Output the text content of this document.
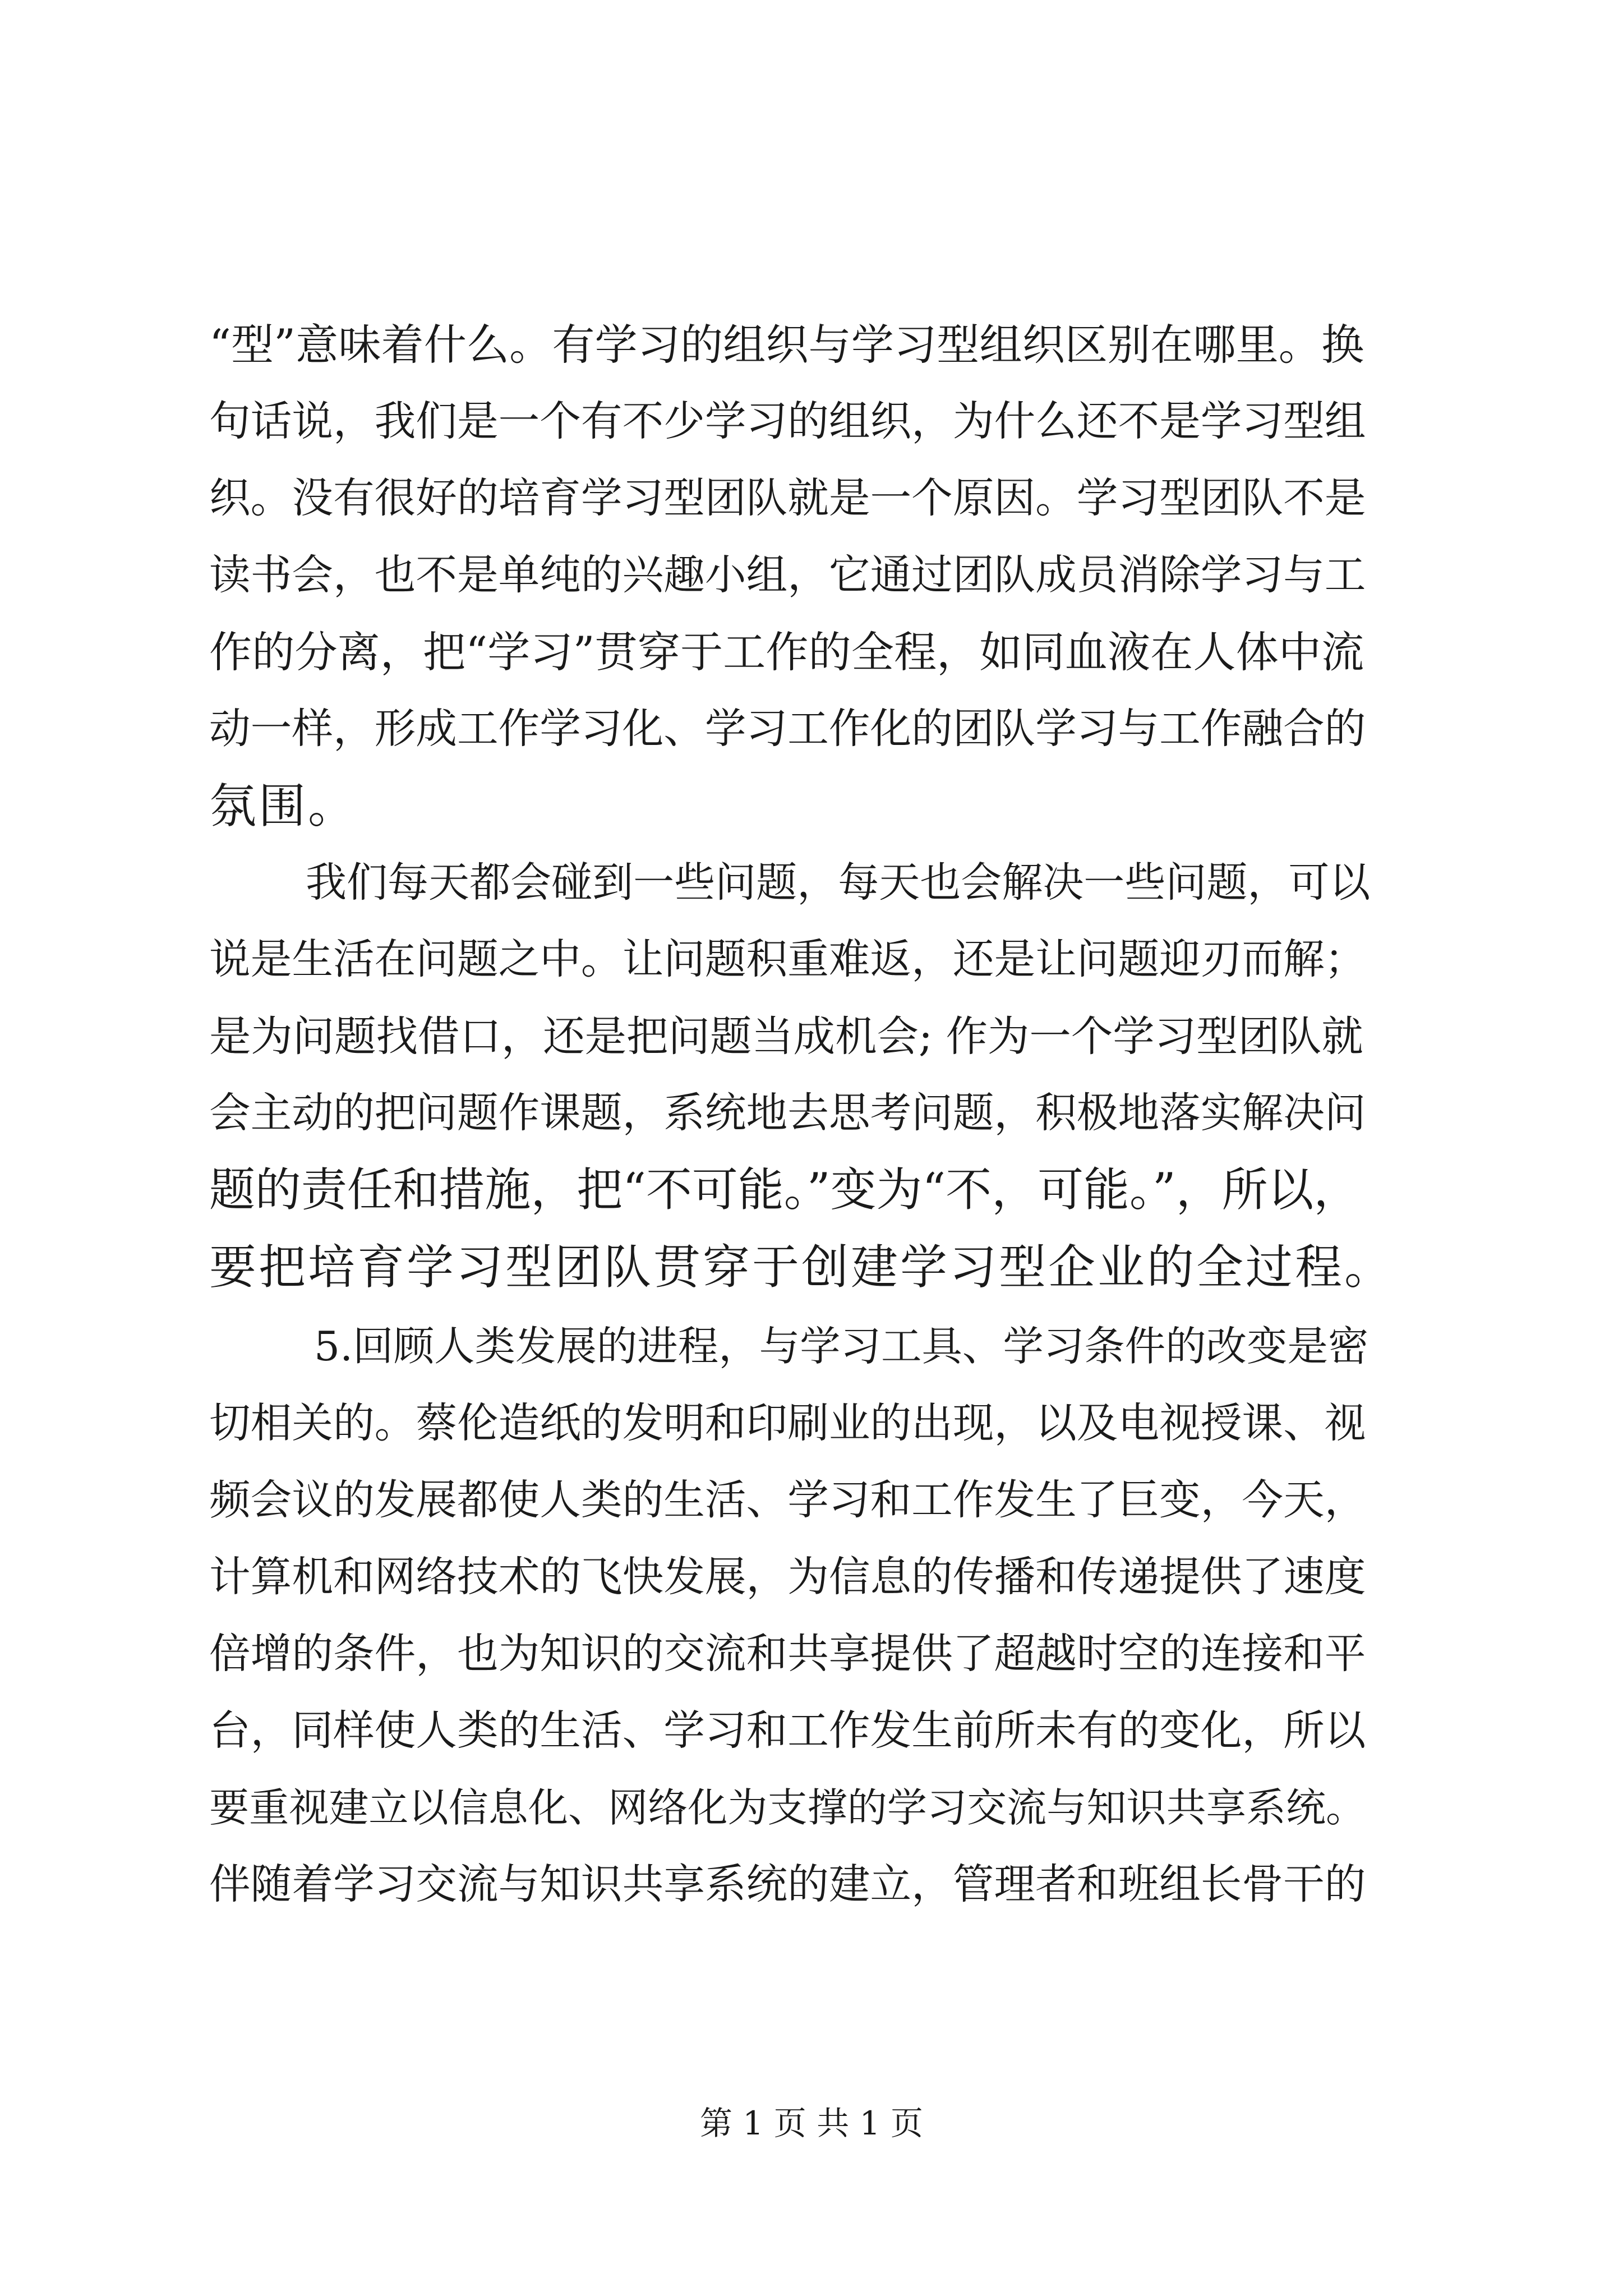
“型”意味着什么。有学习的组织与学习型组织区别在哪里。换
句话说，我们是一个有不少学习的组织，为什么还不是学习型组
织。没有很好的培育学习型团队就是一个原因。学习型团队不是
读书会，也不是单纯的兴趣小组，它通过团队成员消除学习与工
作的分离，把“学习”贯穿于工作的全程，如同血液在人体中流
动一样，形成工作学习化、学习工作化的团队学习与工作融合的
氛围。
我们每天都会碰到一些问题，每天也会解决一些问题，可以
说是生活在问题之中。让问题积重难返，还是让问题迎刃而解；
是为问题找借口，还是把问题当成机会; 作为一个学习型团队就
会主动的把问题作课题，系统地去思考问题，积极地落实解决问
题的责任和措施，把“不可能。”变为“不，可能。”，所以，
要把培育学习型团队贯穿于创建学习型企业的全过程。
5.回顾人类发展的进程，与学习工具、学习条件的改变是密
切相关的。蔡伦造纸的发明和印刷业的出现，以及电视授课、视
频会议的发展都使人类的生活、学习和工作发生了巨变，今天，
计算机和网络技术的飞快发展，为信息的传播和传递提供了速度
倍增的条件，也为知识的交流和共享提供了超越时空的连接和平
台，同样使人类的生活、学习和工作发生前所未有的变化，所以
要重视建立以信息化、网络化为支撑的学习交流与知识共享系统。
伴随着学习交流与知识共享系统的建立，管理者和班组长骨干的
第 1 页 共 1 页
